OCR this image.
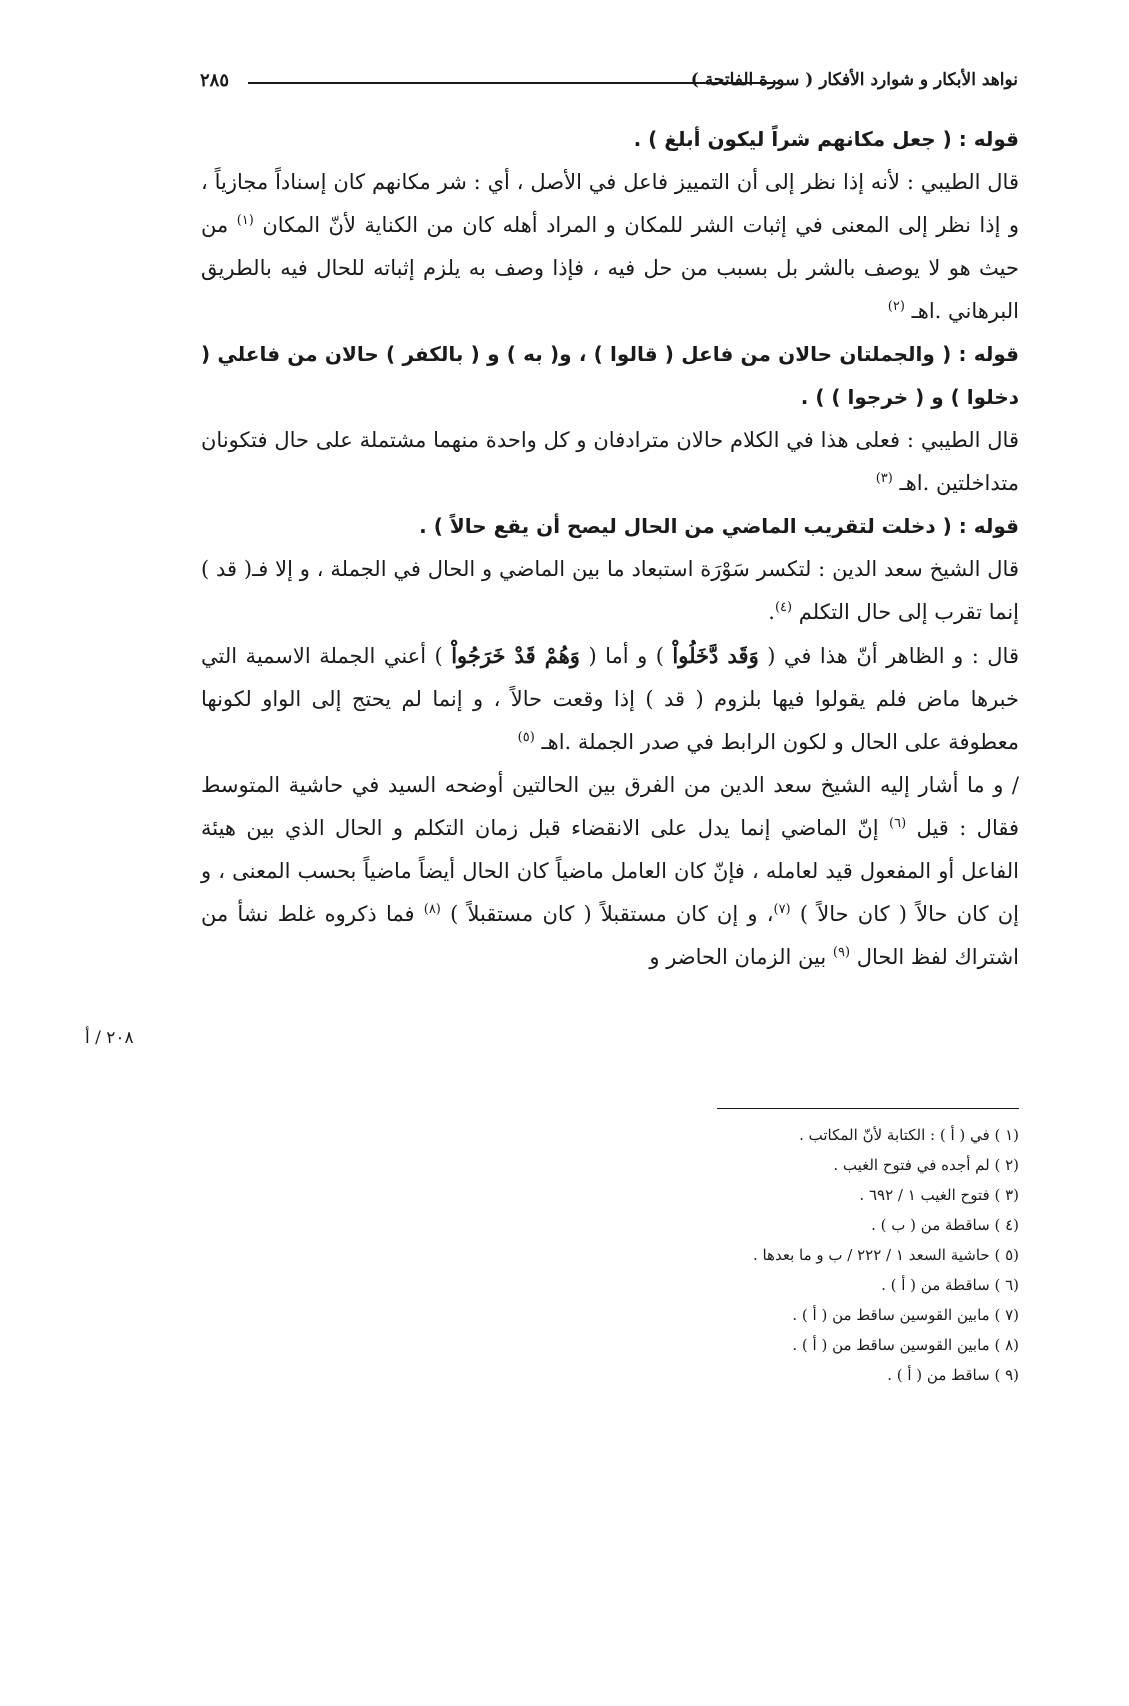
نواهد الأبكار و شوارد الأفكار ( سورة الفاتحة )
٢٨٥
٢٠٨ / أ

قوله : ( جعل مكانهم شراً ليكون أبلغ ) .

قال الطيبي : لأنه إذا نظر إلى أن التمييز فاعل في الأصل ، أي : شر مكانهم كان إسناداً مجازياً ، و إذا نظر إلى المعنى في إثبات الشر للمكان و المراد أهله كان من الكناية لأنّ المكان $^{(١)}$ من حيث هو لا يوصف بالشر بل بسبب من حل فيه ، فإذا وصف به يلزم إثباته للحال فيه بالطريق البرهاني .اهـ $^{(٢)}$

قوله : ( والجملتان حالان من فاعل ( قالوا ) ، و( به ) و ( بالكفر ) حالان من فاعلي ( دخلوا ) و ( خرجوا ) ) .

قال الطيبي : فعلى هذا في الكلام حالان مترادفان و كل واحدة منهما مشتملة على حال فتكونان متداخلتين .اهـ $^{(٣)}$

قوله : ( دخلت لتقريب الماضي من الحال ليصح أن يقع حالاً ) .

قال الشيخ سعد الدين : لتكسر سَوْرَة استبعاد ما بين الماضي و الحال في الجملة ، و إلا فـ( قد ) إنما تقرب إلى حال التكلم $^{(٤)}$.

قال : و الظاهر أنّ هذا في ( وَقَد دَّخَلُواْ ) و أما ( وَهُمْ قَدْ خَرَجُواْ ) أعني الجملة الاسمية التي خبرها ماض فلم يقولوا فيها بلزوم ( قد ) إذا وقعت حالاً ، و إنما لم يحتج إلى الواو لكونها معطوفة على الحال و لكون الرابط في صدر الجملة .اهـ $^{(٥)}$

/ و ما أشار إليه الشيخ سعد الدين من الفرق بين الحالتين أوضحه السيد في حاشية المتوسط فقال : قيل $^{(٦)}$ إنّ الماضي إنما يدل على الانقضاء قبل زمان التكلم و الحال الذي بين هيئة الفاعل أو المفعول قيد لعامله ، فإنّ كان العامل ماضياً كان الحال أيضاً ماضياً بحسب المعنى ، و إن كان حالاً ( كان حالاً ) $^{(٧)}$، و إن كان مستقبلاً ( كان مستقبلاً ) $^{(٨)}$ فما ذكروه غلط نشأ من اشتراك لفظ الحال $^{(٩)}$ بين الزمان الحاضر و

(١ ) في ( أ ) : الكتابة لأنّ المكاتب .
(٢ ) لم أجده في فتوح الغيب .
(٣ ) فتوح الغيب ١ / ٦٩٢ .
(٤ ) ساقطة من ( ب ) .
(٥ ) حاشية السعد ١ / ٢٢٢ / ب و ما بعدها .
(٦ ) ساقطة من ( أ ) .
(٧ ) مابين القوسين ساقط من ( أ ) .
(٨ ) مابين القوسين ساقط من ( أ ) .
(٩ ) ساقط من ( أ ) .
